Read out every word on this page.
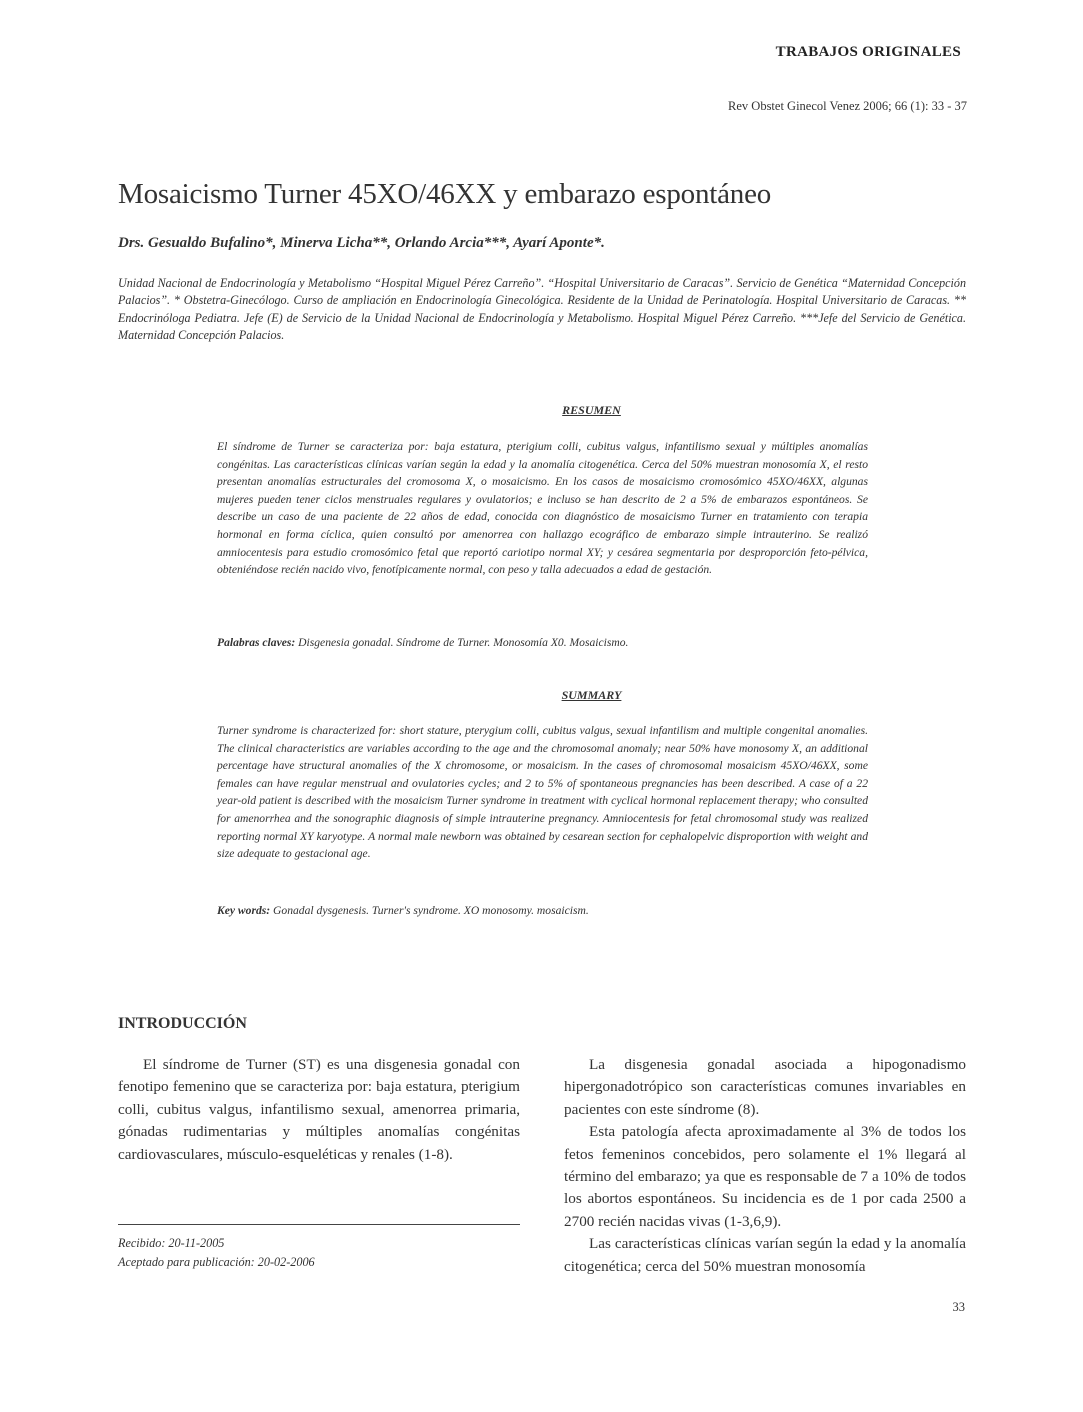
TRABAJOS ORIGINALES
Rev Obstet Ginecol Venez 2006; 66 (1): 33 - 37
Mosaicismo Turner 45XO/46XX y embarazo espontáneo
Drs. Gesualdo Bufalino*, Minerva Licha**, Orlando Arcia***, Ayarí Aponte*.
Unidad Nacional de Endocrinología y Metabolismo “Hospital Miguel Pérez Carreño”. “Hospital Universitario de Caracas”. Servicio de Genética “Maternidad Concepción Palacios”. * Obstetra-Ginecólogo. Curso de ampliación en Endocrinología Ginecológica. Residente de la Unidad de Perinatología. Hospital Universitario de Caracas. ** Endocrinóloga Pediatra. Jefe (E) de Servicio de la Unidad Nacional de Endocrinología y Metabolismo. Hospital Miguel Pérez Carreño. ***Jefe del Servicio de Genética. Maternidad Concepción Palacios.
RESUMEN
El síndrome de Turner se caracteriza por: baja estatura, pterigium colli, cubitus valgus, infantilismo sexual y múltiples anomalías congénitas. Las características clínicas varían según la edad y la anomalía citogenética. Cerca del 50% muestran monosomía X, el resto presentan anomalías estructurales del cromosoma X, o mosaicismo. En los casos de mosaicismo cromosómico 45XO/46XX, algunas mujeres pueden tener ciclos menstruales regulares y ovulatorios; e incluso se han descrito de 2 a 5% de embarazos espontáneos. Se describe un caso de una paciente de 22 años de edad, conocida con diagnóstico de mosaicismo Turner en tratamiento con terapia hormonal en forma cíclica, quien consultó por amenorrea con hallazgo ecográfico de embarazo simple intrauterino. Se realizó amniocentesis para estudio cromosómico fetal que reportó cariotipo normal XY; y cesárea segmentaria por desproporción feto-pélvica, obteniéndose recién nacido vivo, fenotípicamente normal, con peso y talla adecuados a edad de gestación.
Palabras claves: Disgenesia gonadal. Síndrome de Turner. Monosomía X0. Mosaicismo.
SUMMARY
Turner syndrome is characterized for: short stature, pterygium colli, cubitus valgus, sexual infantilism and multiple congenital anomalies. The clinical characteristics are variables according to the age and the chromosomal anomaly; near 50% have monosomy X, an additional percentage have structural anomalies of the X chromosome, or mosaicism. In the cases of chromosomal mosaicism 45XO/46XX, some females can have regular menstrual and ovulatories cycles; and 2 to 5% of spontaneous pregnancies has been described. A case of a 22 year-old patient is described with the mosaicism Turner syndrome in treatment with cyclical hormonal replacement therapy; who consulted for amenorrhea and the sonographic diagnosis of simple intrauterine pregnancy. Amniocentesis for fetal chromosomal study was realized reporting normal XY karyotype. A normal male newborn was obtained by cesarean section for cephalopelvic disproportion with weight and size adequate to gestacional age.
Key words: Gonadal dysgenesis. Turner's syndrome. XO monosomy. mosaicism.
INTRODUCCIÓN

El síndrome de Turner (ST) es una disgenesia gonadal con fenotipo femenino que se caracteriza por: baja estatura, pterigium colli, cubitus valgus, infantilismo sexual, amenorrea primaria, gónadas rudimentarias y múltiples anomalías congénitas cardiovasculares, músculo-esqueléticas y renales (1-8).

La disgenesia gonadal asociada a hipogonadismo hipergonadotrópico son características comunes invariables en pacientes con este síndrome (8).

Esta patología afecta aproximadamente al 3% de todos los fetos femeninos concebidos, pero solamente el 1% llegará al término del embarazo; ya que es responsable de 7 a 10% de todos los abortos espontáneos. Su incidencia es de 1 por cada 2500 a 2700 recién nacidas vivas (1-3,6,9).

Las características clínicas varían según la edad y la anomalía citogenética; cerca del 50% muestran monosomía

Recibido: 20-11-2005
Aceptado para publicación: 20-02-2006
33
